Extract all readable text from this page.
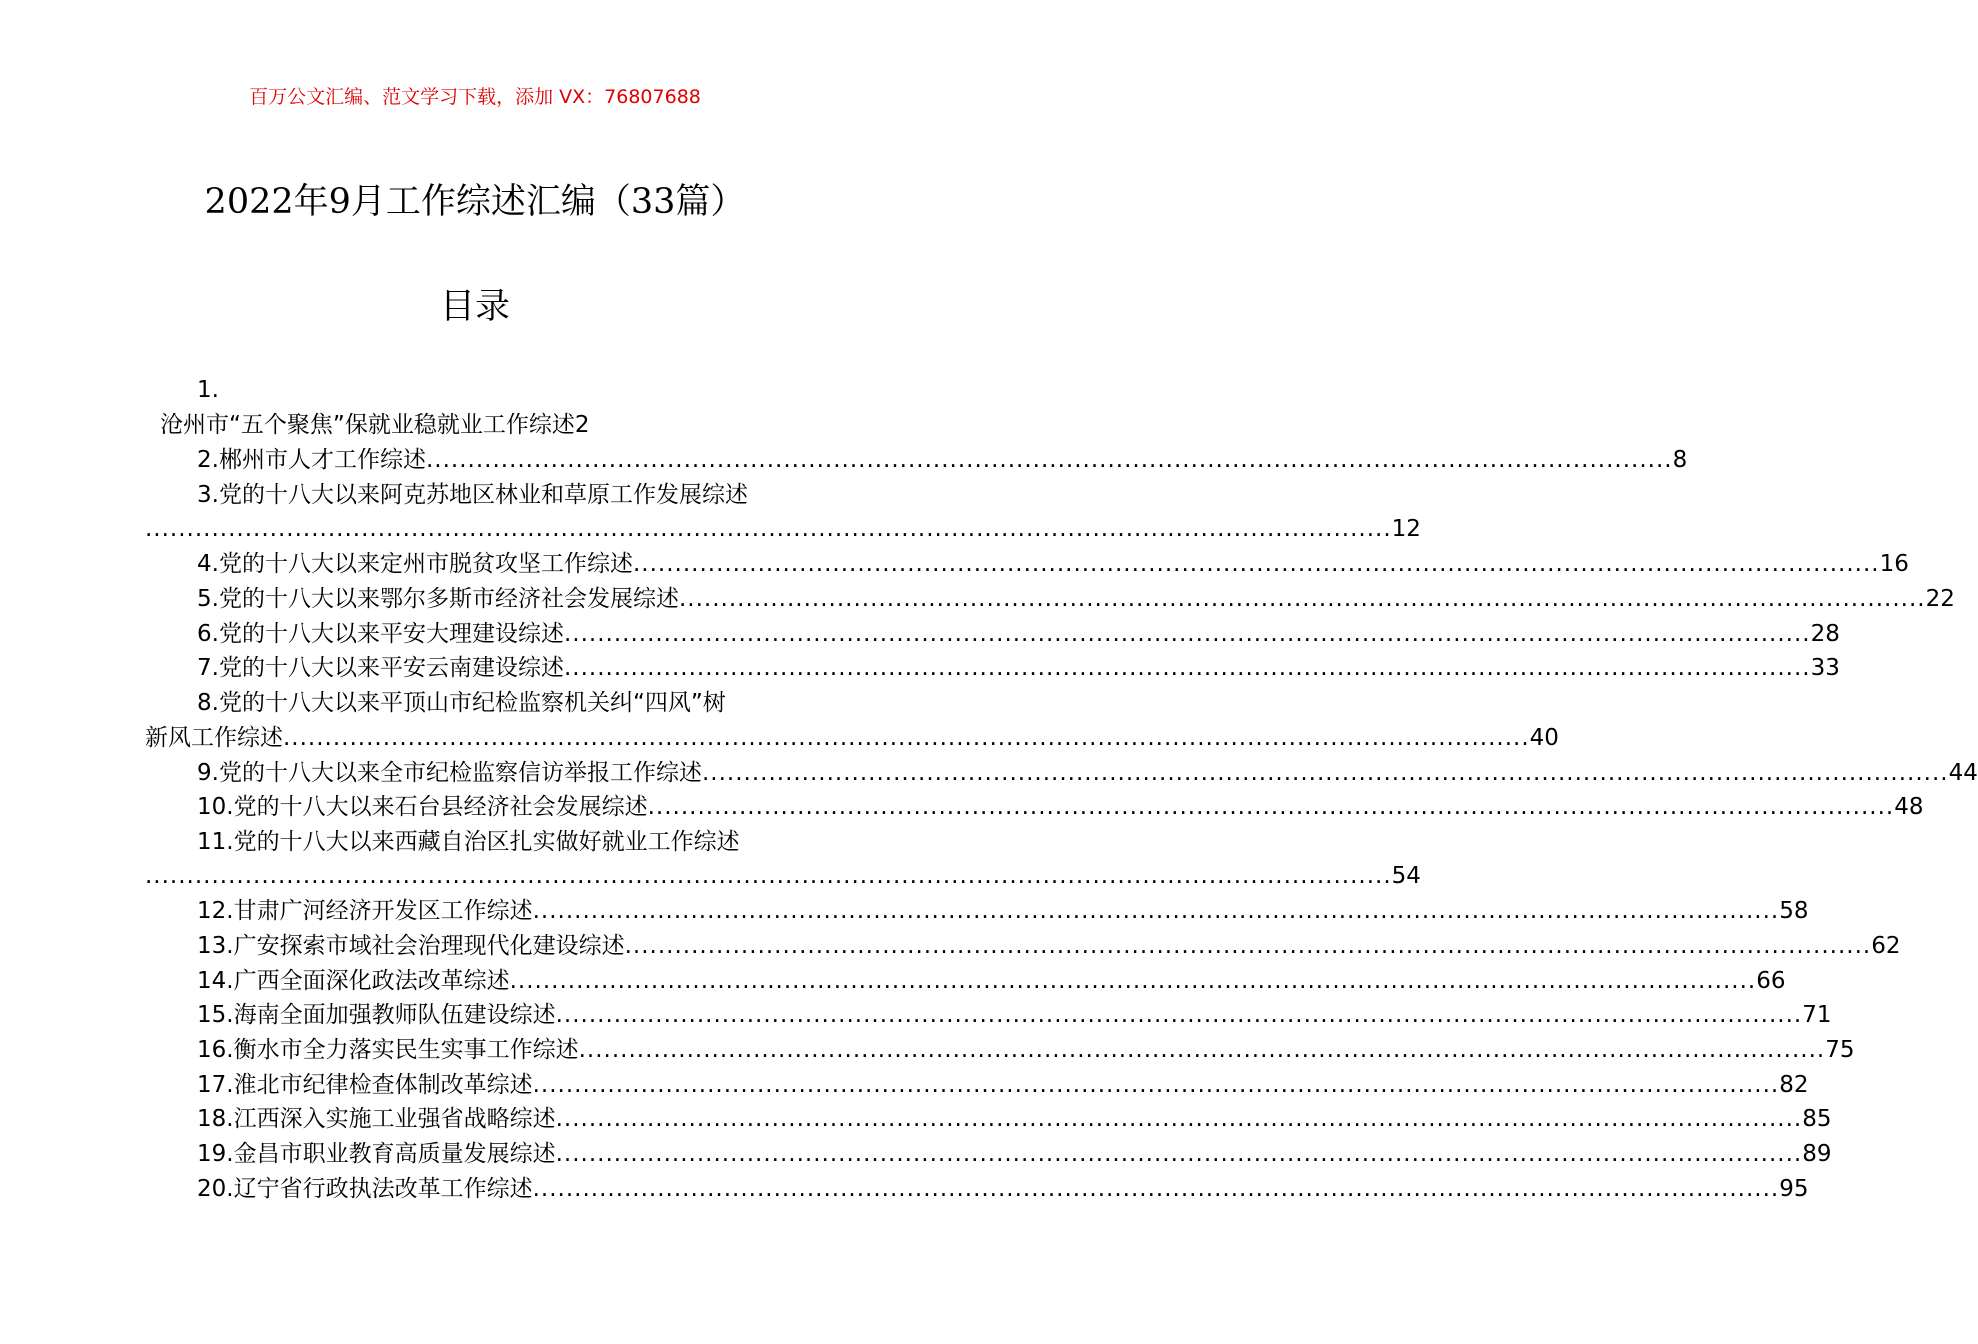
百万公文汇编、范文学习下载，添加 VX：76807688
2022年9月工作综述汇编（33篇）
目录
1.
沧州市“五个聚焦”保就业稳就业工作综述2
2.郴州市人才工作综述 ...................................................................................................................................................... 8
3.党的十八大以来阿克苏地区林业和草原工作发展综述
...................................................................................................................................................... 12
4.党的十八大以来定州市脱贫攻坚工作综述 ...................................................................................................................................................... 16
5.党的十八大以来鄂尔多斯市经济社会发展综述 ...................................................................................................................................................... 22
6.党的十八大以来平安大理建设综述 ...................................................................................................................................................... 28
7.党的十八大以来平安云南建设综述 ...................................................................................................................................................... 33
8.党的十八大以来平顶山市纪检监察机关纠“四风”树
新风工作综述 ...................................................................................................................................................... 40
9.党的十八大以来全市纪检监察信访举报工作综述 ...................................................................................................................................................... 44
10.党的十八大以来石台县经济社会发展综述 ...................................................................................................................................................... 48
11.党的十八大以来西藏自治区扎实做好就业工作综述
...................................................................................................................................................... 54
12.甘肃广河经济开发区工作综述 ...................................................................................................................................................... 58
13.广安探索市域社会治理现代化建设综述 ...................................................................................................................................................... 62
14.广西全面深化政法改革综述 ...................................................................................................................................................... 66
15.海南全面加强教师队伍建设综述 ...................................................................................................................................................... 71
16.衡水市全力落实民生实事工作综述 ...................................................................................................................................................... 75
17.淮北市纪律检查体制改革综述 ...................................................................................................................................................... 82
18.江西深入实施工业强省战略综述 ...................................................................................................................................................... 85
19.金昌市职业教育高质量发展综述 ...................................................................................................................................................... 89
20.辽宁省行政执法改革工作综述 ...................................................................................................................................................... 95
